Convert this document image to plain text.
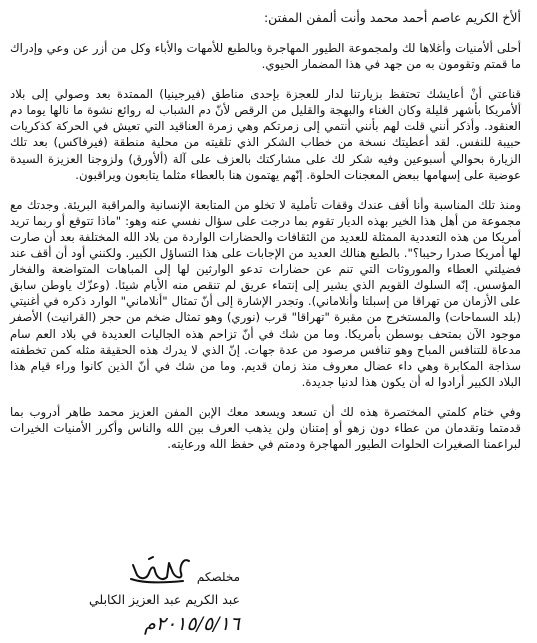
ألأخ الكريم عاصم أحمد محمد وأنت ألمفن المفتن:

أحلى ألأمنيات وأغلاها لك ولمجموعة الطيور المهاجرة وبالطبع للأمهات والأباء وكل من أزر عن وعي وإدراك ما قمتم وتقومون به من جهد في هذا المضمار الحيوي.

قناعتي أنْ أعايشك تحتفظ بزيارتنا لدار للعجزة بإحدى مناطق (فيرجينيا) الممتدة بعد وصولي إلى بلاد ألأمريكا بأشهر قليلة وكان الغناء والبهجة والقليل من الرقص لأنّ دم الشباب له روائع نشوة ما نالها يوما دم العنقود. وأذكر أنني قلت لهم بأنني أنتمي إلى زمرتكم وهي زمرة العناقيد التي تعيش في الحركة كذكريات حبيبة للنفس. لقد أعطيتك نسخة من خطاب الشكر الذي تلقيته من محلية منطقة (فيرفاكس) بعد تلك الزيارة بحوالي أسبوعين وفيه شكر لك على مشاركتك بالعزف على آلة (ألأورق) ولزوجنا العزيزة السيدة عوضية على إسهامها ببعض المعجنات الحلوة. إنّهم يهتمون هنا بالعطاء مثلما يتابعون ويراقبون.

ومنذ تلك المناسبة وأنا أقف عندك وقفات تأملية لا تخلو من المتابعة الإنسانية والمراقبة البريئة. وجدتك مع مجموعة من أهل هذا الخير بهذه الديار تقوم بما درجت على سؤال نفسي عنه وهو: "ماذا تتوقع أو ربما تريد أمريكا من هذه التعددية الممثلة للعديد من الثقافات والحضارات الواردة من بلاد الله المختلفة بعد أن صارت لها أمريكا صدرا رحيبا؟". بالطبع هنالك العديد من الإجابات على هذا التساؤل الكبير. ولكنني أود أن أقف عند فضيلتي العطاء والموروثات التي تنم عن حضارات تدعو الوارثين لها إلى المباهات المتواضعة والفخار المؤسس. إنّه السلوك القويم الذي يشير إلى إنتماء عريق لم تنقص منه الأيام شيئا. (وعزّك ياوطن سابق على الأزمان من تهراقا من إسبلتا وأنلاماني). وتجدر الإشارة إلى أنّ تمثال "أنلاماني" الوارد ذكره في أغنيتي (بلد السماحات) والمستخرج من مقبرة "تهراقا" قرب (نوري) وهو تمثال ضخم من حجر (القرانيت) الأصفر موجود الآن بمتحف بوسطن بأمريكا. وما من شك في أنّ تزاحم هذه الجاليات العديدة في بلاد العم سام مدعاة للتنافس المباح وهو تنافس مرصود من عدة جهات. إنّ الذي لا يدرك هذه الحقيقة مثله كمن تخطفته سذاجة المكابرة وهي داء عضال معروف منذ زمان قديم. وما من شك في أنّ الذين كانوا وراء قيام هذا البلاد الكبير أرادوا له أن يكون هذا لدنيا جديدة.

وفي ختام كلمتي المختصرة هذه لك أن تسعد ويسعد معك الإبن المفن العزيز محمد طاهر أدروب بما قدمتما وتقدمان من عطاء دون زهو أو إمتنان ولن يذهب العرف بين الله والناس وأكرر الأمنيات الخيرات لبراعمنا الصغيرات الحلوات الطيور المهاجرة ودمتم في حفظ الله ورعايته.

مخلصكم
عبد الكريم عبد العزيز الكابلي
٢٠١٥/٥/١٦م
